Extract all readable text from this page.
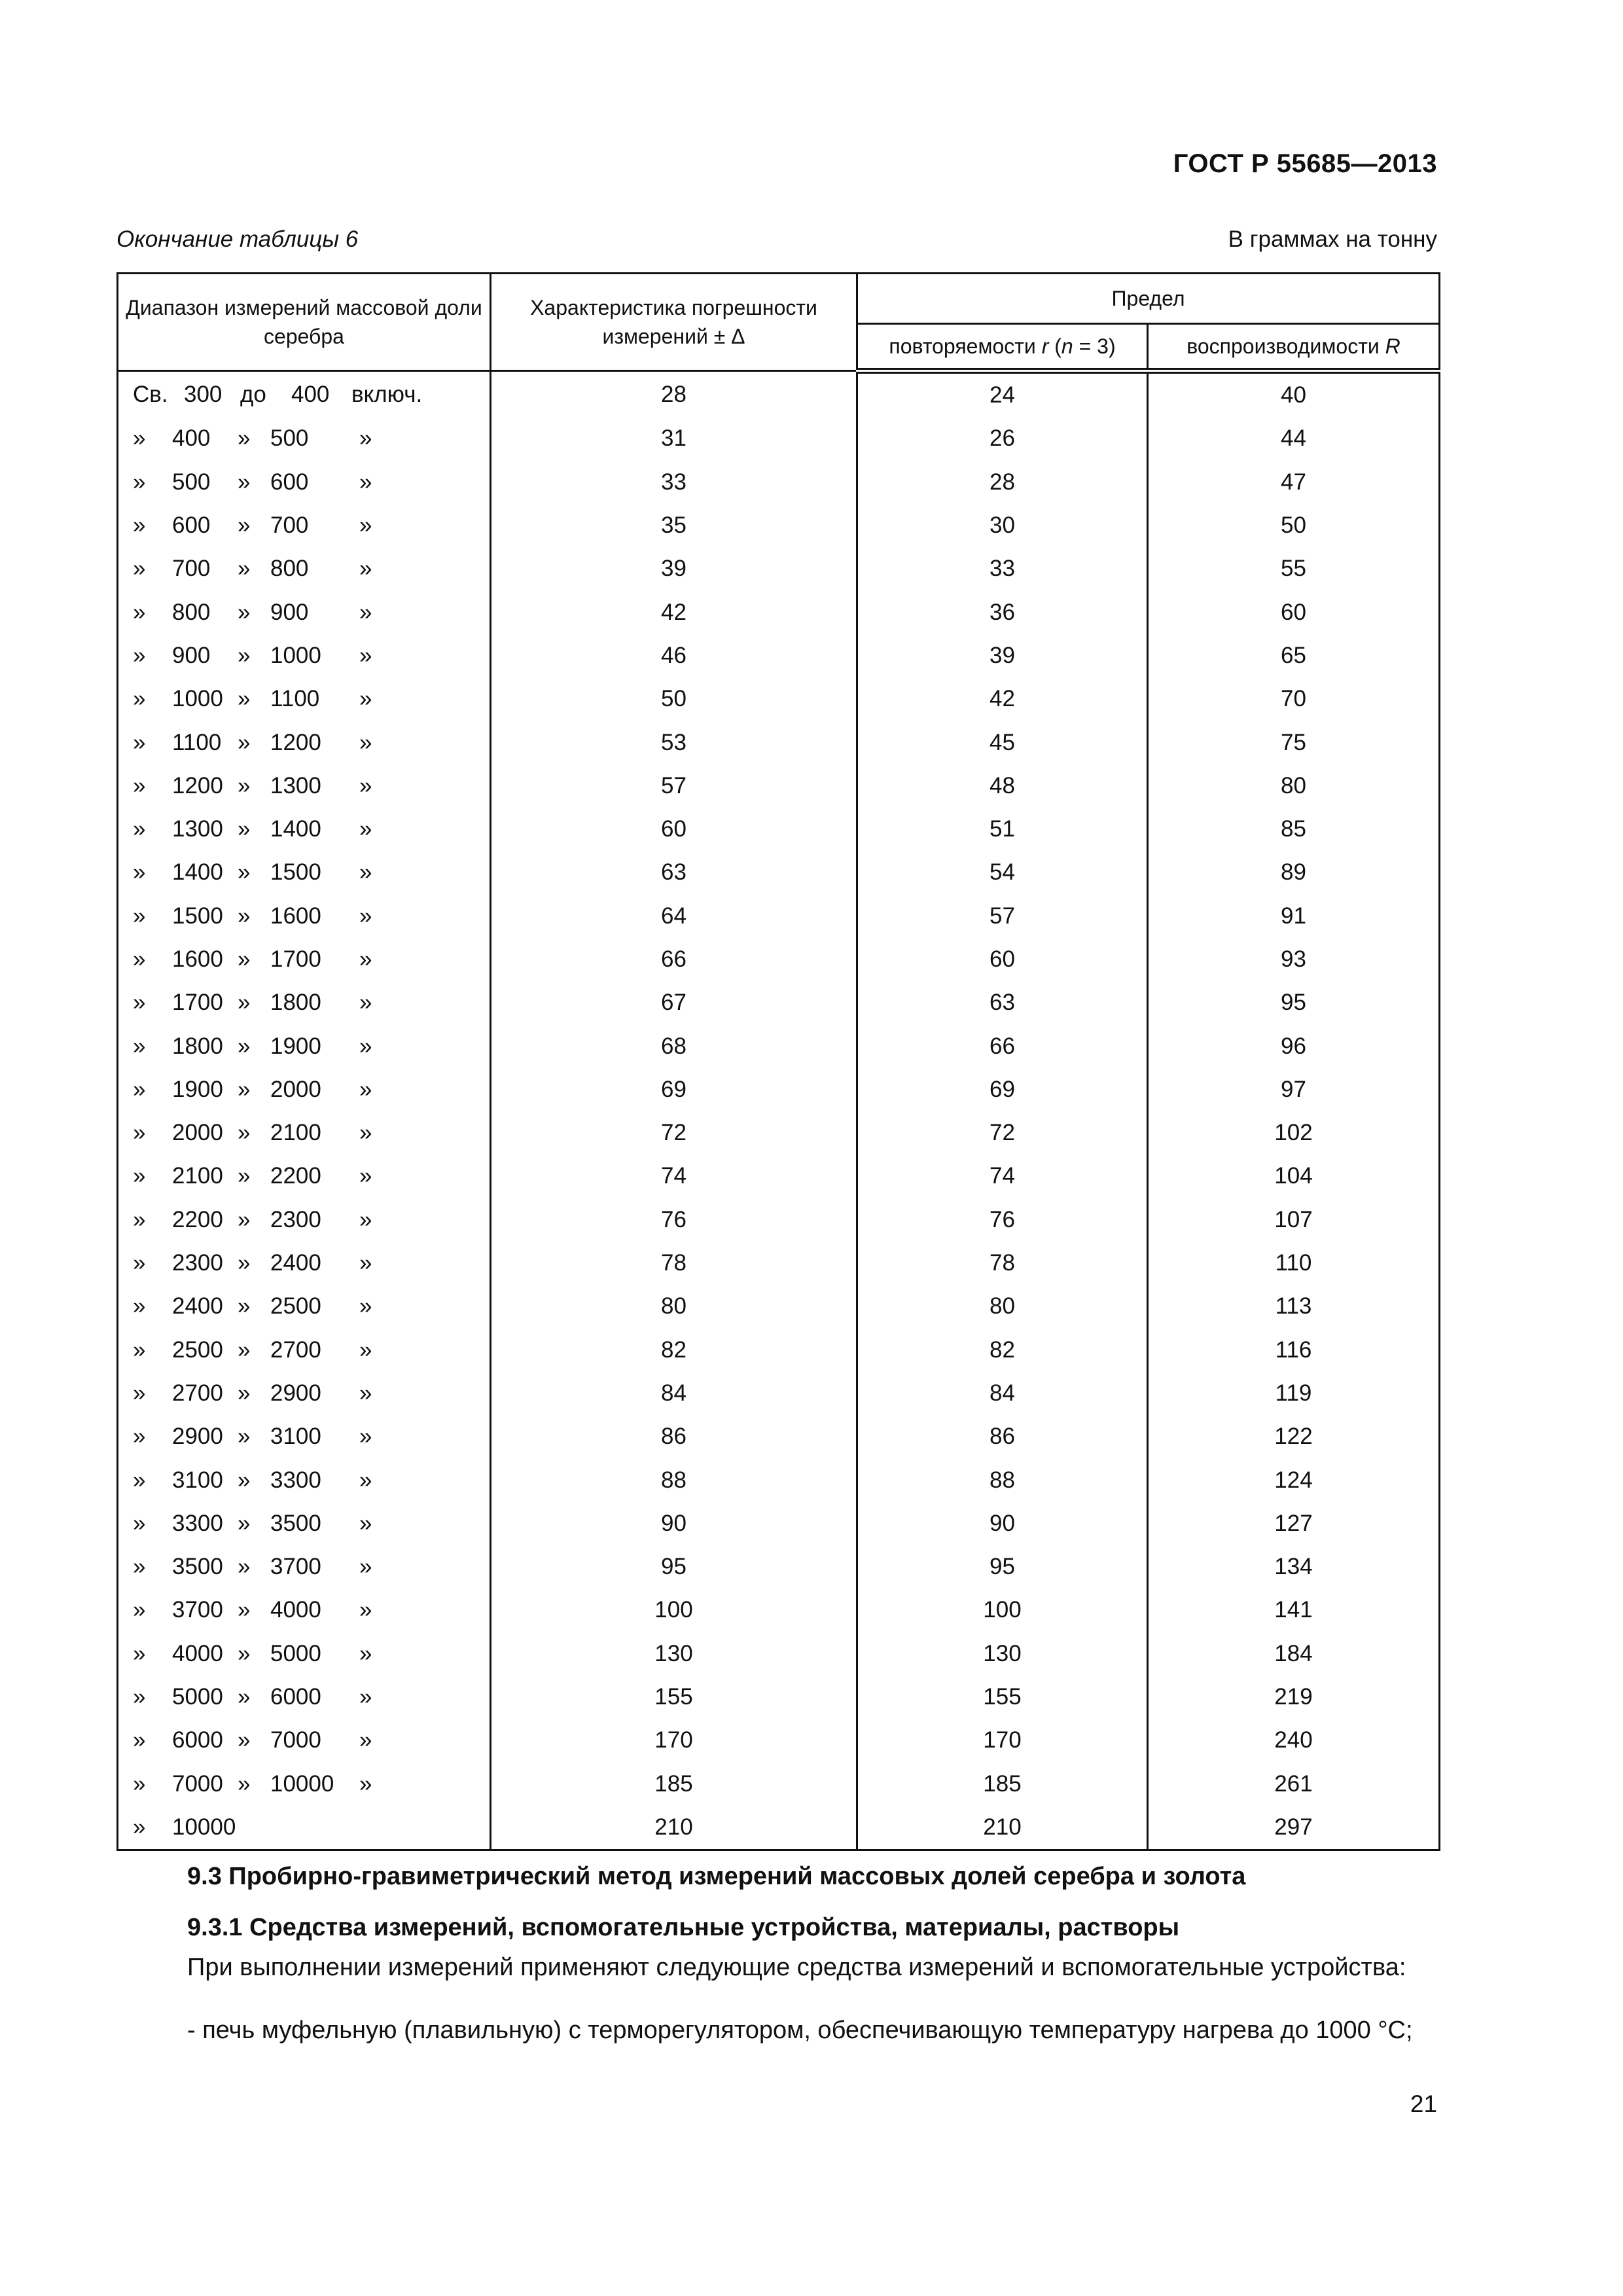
ГОСТ Р 55685—2013
Окончание таблицы 6	В граммах на тонну
Диапазон измерений массовой доли серебра	Характеристика погрешности измерений ± Δ	Предел	
		повторяемости r (n = 3)	воспроизводимости R
Св. 300 до 400 включ.	28	24	40
» 400 » 500 »	31	26	44
» 500 » 600 »	33	28	47
» 600 » 700 »	35	30	50
» 700 » 800 »	39	33	55
» 800 » 900 »	42	36	60
» 900 » 1000 »	46	39	65
» 1000 » 1100 »	50	42	70
» 1100 » 1200 »	53	45	75
» 1200 » 1300 »	57	48	80
» 1300 » 1400 »	60	51	85
» 1400 » 1500 »	63	54	89
» 1500 » 1600 »	64	57	91
» 1600 » 1700 »	66	60	93
» 1700 » 1800 »	67	63	95
» 1800 » 1900 »	68	66	96
» 1900 » 2000 »	69	69	97
» 2000 » 2100 »	72	72	102
» 2100 » 2200 »	74	74	104
» 2200 » 2300 »	76	76	107
» 2300 » 2400 »	78	78	110
» 2400 » 2500 »	80	80	113
» 2500 » 2700 »	82	82	116
» 2700 » 2900 »	84	84	119
» 2900 » 3100 »	86	86	122
» 3100 » 3300 »	88	88	124
» 3300 » 3500 »	90	90	127
» 3500 » 3700 »	95	95	134
» 3700 » 4000 »	100	100	141
» 4000 » 5000 »	130	130	184
» 5000 » 6000 »	155	155	219
» 6000 » 7000 »	170	170	240
» 7000 » 10000 »	185	185	261
» 10000	210	210	297
9.3 Пробирно-гравиметрический метод измерений массовых долей серебра и золота
9.3.1 Средства измерений, вспомогательные устройства, материалы, растворы
При выполнении измерений применяют следующие средства измерений и вспомогательные устройства:
- печь муфельную (плавильную) с терморегулятором, обеспечивающую температуру нагрева до 1000 °С;
21
